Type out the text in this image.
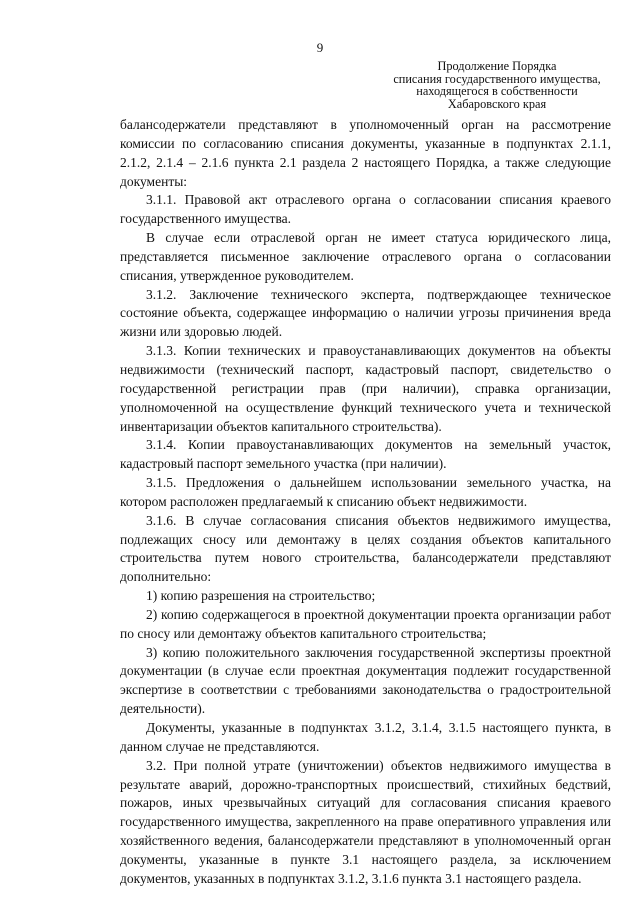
9
Продолжение Порядка
списания государственного имущества,
находящегося в собственности
Хабаровского края

балансодержатели представляют в уполномоченный орган на рассмотрение комиссии по согласованию списания документы, указанные в подпунктах 2.1.1, 2.1.2, 2.1.4 – 2.1.6 пункта 2.1 раздела 2 настоящего Порядка, а также следующие документы:

3.1.1. Правовой акт отраслевого органа о согласовании списания краевого государственного имущества.

В случае если отраслевой орган не имеет статуса юридического лица, представляется письменное заключение отраслевого органа о согласовании списания, утвержденное руководителем.

3.1.2. Заключение технического эксперта, подтверждающее техническое состояние объекта, содержащее информацию о наличии угрозы причинения вреда жизни или здоровью людей.

3.1.3. Копии технических и правоустанавливающих документов на объекты недвижимости (технический паспорт, кадастровый паспорт, свидетельство о государственной регистрации прав (при наличии), справка организации, уполномоченной на осуществление функций технического учета и технической инвентаризации объектов капитального строительства).

3.1.4. Копии правоустанавливающих документов на земельный участок, кадастровый паспорт земельного участка (при наличии).

3.1.5. Предложения о дальнейшем использовании земельного участка, на котором расположен предлагаемый к списанию объект недвижимости.

3.1.6. В случае согласования списания объектов недвижимого имущества, подлежащих сносу или демонтажу в целях создания объектов капитального строительства путем нового строительства, балансодержатели представляют дополнительно:

1) копию разрешения на строительство;

2) копию содержащегося в проектной документации проекта организации работ по сносу или демонтажу объектов капитального строительства;

3) копию положительного заключения государственной экспертизы проектной документации (в случае если проектная документация подлежит государственной экспертизе в соответствии с требованиями законодательства о градостроительной деятельности).

Документы, указанные в подпунктах 3.1.2, 3.1.4, 3.1.5 настоящего пункта, в данном случае не представляются.

3.2. При полной утрате (уничтожении) объектов недвижимого имущества в результате аварий, дорожно-транспортных происшествий, стихийных бедствий, пожаров, иных чрезвычайных ситуаций для согласования списания краевого государственного имущества, закрепленного на праве оперативного управления или хозяйственного ведения, балансодержатели представляют в уполномоченный орган документы, указанные в пункте 3.1 настоящего раздела, за исключением документов, указанных в подпунктах 3.1.2, 3.1.6 пункта 3.1 настоящего раздела.
